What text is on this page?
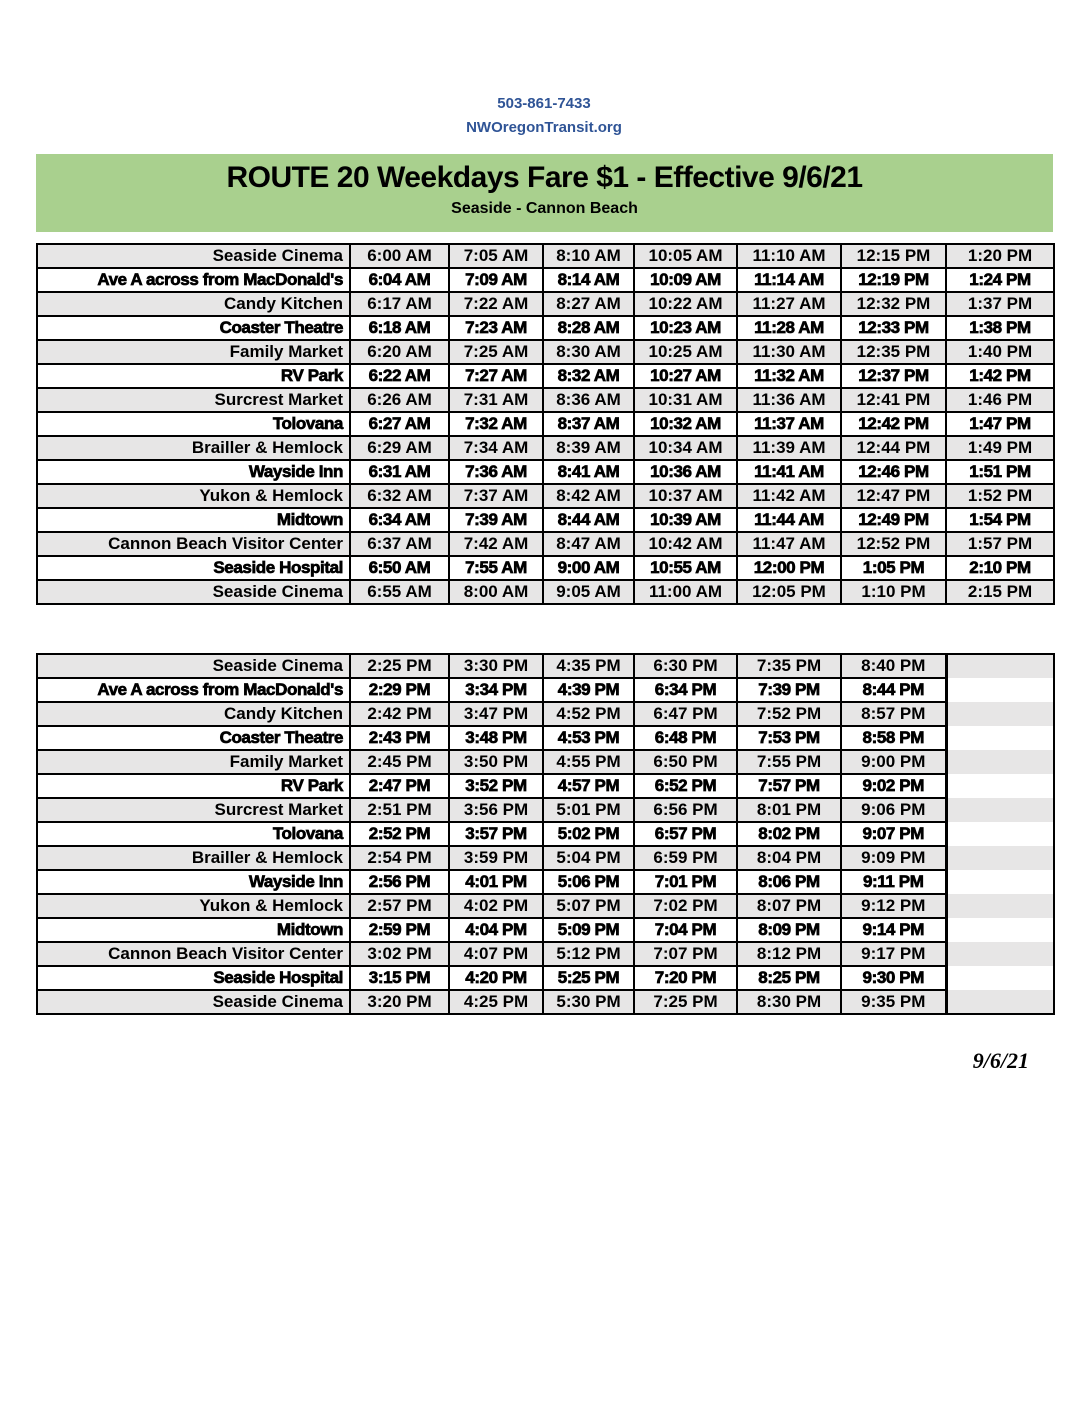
503-861-7433
NWOregonTransit.org
ROUTE 20 Weekdays Fare $1 - Effective 9/6/21
Seaside - Cannon Beach
Seaside Cinema	6:00 AM	7:05 AM	8:10 AM	10:05 AM	11:10 AM	12:15 PM	1:20 PM
Ave A across from MacDonald's	6:04 AM	7:09 AM	8:14 AM	10:09 AM	11:14 AM	12:19 PM	1:24 PM
Candy Kitchen	6:17 AM	7:22 AM	8:27 AM	10:22 AM	11:27 AM	12:32 PM	1:37 PM
Coaster Theatre	6:18 AM	7:23 AM	8:28 AM	10:23 AM	11:28 AM	12:33 PM	1:38 PM
Family Market	6:20 AM	7:25 AM	8:30 AM	10:25 AM	11:30 AM	12:35 PM	1:40 PM
RV Park	6:22 AM	7:27 AM	8:32 AM	10:27 AM	11:32 AM	12:37 PM	1:42 PM
Surcrest Market	6:26 AM	7:31 AM	8:36 AM	10:31 AM	11:36 AM	12:41 PM	1:46 PM
Tolovana	6:27 AM	7:32 AM	8:37 AM	10:32 AM	11:37 AM	12:42 PM	1:47 PM
Brailler & Hemlock	6:29 AM	7:34 AM	8:39 AM	10:34 AM	11:39 AM	12:44 PM	1:49 PM
Wayside Inn	6:31 AM	7:36 AM	8:41 AM	10:36 AM	11:41 AM	12:46 PM	1:51 PM
Yukon & Hemlock	6:32 AM	7:37 AM	8:42 AM	10:37 AM	11:42 AM	12:47 PM	1:52 PM
Midtown	6:34 AM	7:39 AM	8:44 AM	10:39 AM	11:44 AM	12:49 PM	1:54 PM
Cannon Beach Visitor Center	6:37 AM	7:42 AM	8:47 AM	10:42 AM	11:47 AM	12:52 PM	1:57 PM
Seaside Hospital	6:50 AM	7:55 AM	9:00 AM	10:55 AM	12:00 PM	1:05 PM	2:10 PM
Seaside Cinema	6:55 AM	8:00 AM	9:05 AM	11:00 AM	12:05 PM	1:10 PM	2:15 PM
Seaside Cinema	2:25 PM	3:30 PM	4:35 PM	6:30 PM	7:35 PM	8:40 PM	
Ave A across from MacDonald's	2:29 PM	3:34 PM	4:39 PM	6:34 PM	7:39 PM	8:44 PM	
Candy Kitchen	2:42 PM	3:47 PM	4:52 PM	6:47 PM	7:52 PM	8:57 PM	
Coaster Theatre	2:43 PM	3:48 PM	4:53 PM	6:48 PM	7:53 PM	8:58 PM	
Family Market	2:45 PM	3:50 PM	4:55 PM	6:50 PM	7:55 PM	9:00 PM	
RV Park	2:47 PM	3:52 PM	4:57 PM	6:52 PM	7:57 PM	9:02 PM	
Surcrest Market	2:51 PM	3:56 PM	5:01 PM	6:56 PM	8:01 PM	9:06 PM	
Tolovana	2:52 PM	3:57 PM	5:02 PM	6:57 PM	8:02 PM	9:07 PM	
Brailler & Hemlock	2:54 PM	3:59 PM	5:04 PM	6:59 PM	8:04 PM	9:09 PM	
Wayside Inn	2:56 PM	4:01 PM	5:06 PM	7:01 PM	8:06 PM	9:11 PM	
Yukon & Hemlock	2:57 PM	4:02 PM	5:07 PM	7:02 PM	8:07 PM	9:12 PM	
Midtown	2:59 PM	4:04 PM	5:09 PM	7:04 PM	8:09 PM	9:14 PM	
Cannon Beach Visitor Center	3:02 PM	4:07 PM	5:12 PM	7:07 PM	8:12 PM	9:17 PM	
Seaside Hospital	3:15 PM	4:20 PM	5:25 PM	7:20 PM	8:25 PM	9:30 PM	
Seaside Cinema	3:20 PM	4:25 PM	5:30 PM	7:25 PM	8:30 PM	9:35 PM	
9/6/21
